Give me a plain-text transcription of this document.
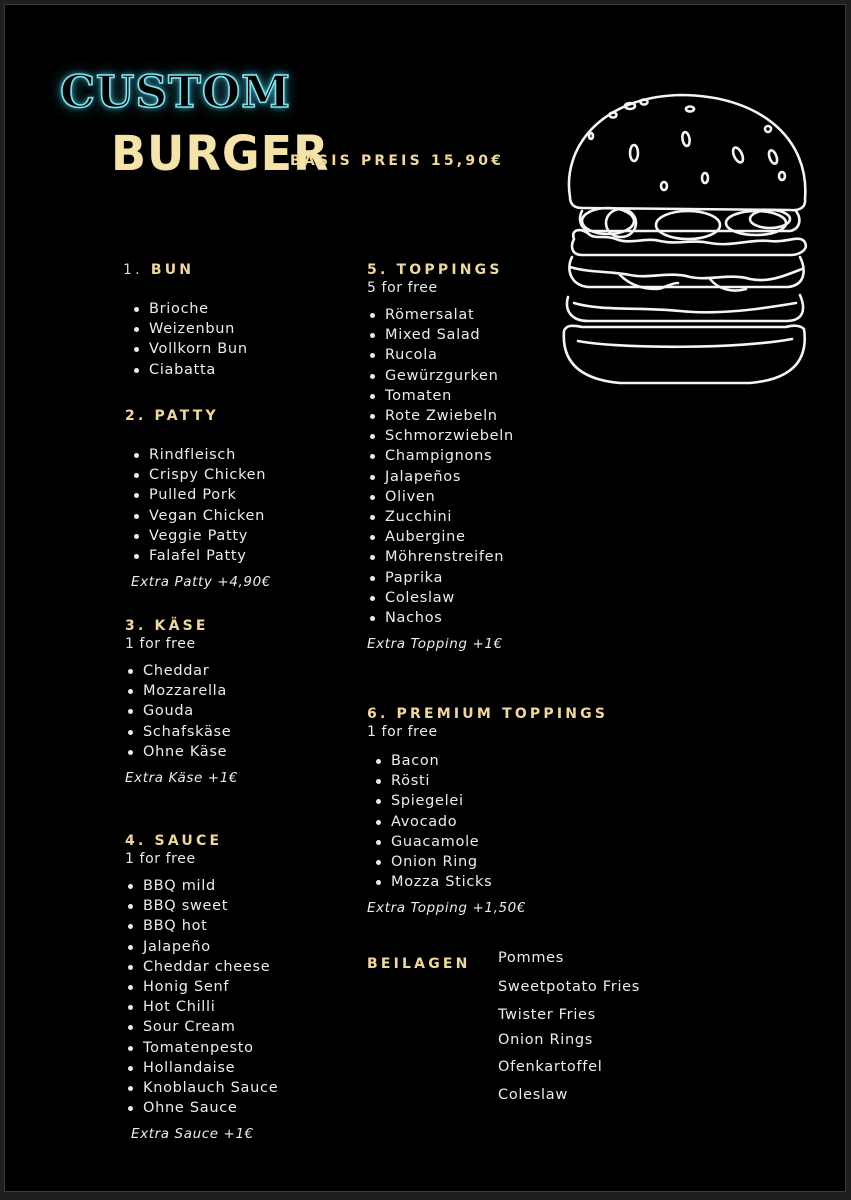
CUSTOM
BURGER
BASIS PREIS 15,90€
1. BUN
Brioche
Weizenbun
Vollkorn Bun
Ciabatta
2. PATTY
Rindfleisch
Crispy Chicken
Pulled Pork
Vegan Chicken
Veggie Patty
Falafel Patty

Extra Patty +4,90€

3. KÄSE

1 for free

Cheddar
Mozzarella
Gouda
Schafskäse
Ohne Käse

Extra Käse +1€

4. SAUCE

1 for free

BBQ mild
BBQ sweet
BBQ hot
Jalapeño
Cheddar cheese
Honig Senf
Hot Chilli
Sour Cream
Tomatenpesto
Hollandaise
Knoblauch Sauce
Ohne Sauce

Extra Sauce +1€

5. TOPPINGS

5 for free

Römersalat
Mixed Salad
Rucola
Gewürzgurken
Tomaten
Rote Zwiebeln
Schmorzwiebeln
Champignons
Jalapeños
Oliven
Zucchini
Aubergine
Möhrenstreifen
Paprika
Coleslaw
Nachos

Extra Topping +1€

6. PREMIUM TOPPINGS

1 for free

Bacon
Rösti
Spiegelei
Avocado
Guacamole
Onion Ring
Mozza Sticks

Extra Topping +1,50€

BEILAGEN Pommes
Sweetpotato Fries
Twister Fries
Onion Rings
Ofenkartoffel
Coleslaw
